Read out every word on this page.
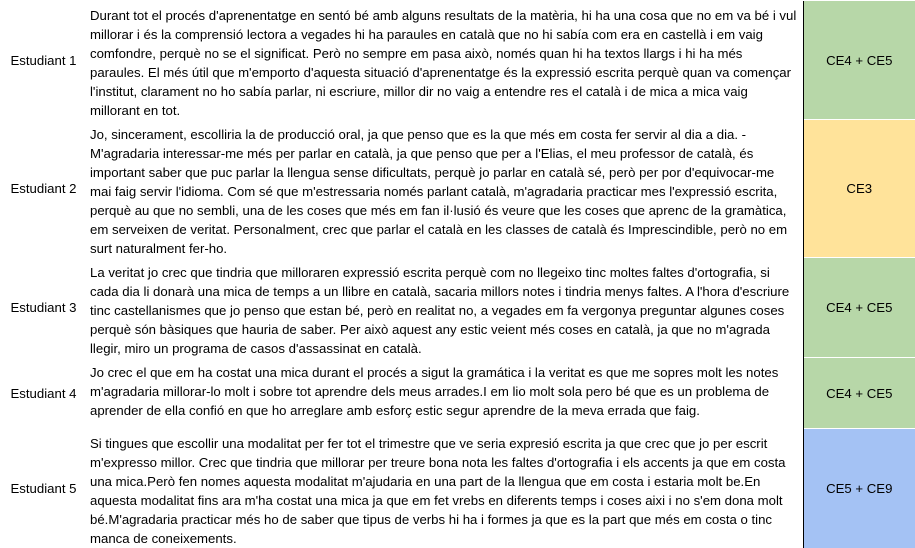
Estudiant 1	Durant tot el procés d'aprenentatge en sentó bé amb alguns resultats de la matèria, hi ha una cosa que no em va bé i vul millorar i és la comprensió lectora a vegades hi ha paraules en català que no hi sabía com era en castellà i em vaig comfondre, perquè no se el significat. Però no sempre em pasa això, només quan hi ha textos llargs i hi ha més paraules. El més útil que m'emporto d'aquesta situació d'aprenentatge és la expressió escrita perquè quan va començar l'institut, clarament no ho sabía parlar, ni escriure, millor dir no vaig a entendre res el català i de mica a mica vaig millorant en tot.	CE4 + CE5
Estudiant 2	Jo, sincerament, escolliria la de producció oral, ja que penso que es la que més em costa fer servir al dia a dia. -M'agradaria interessar-me més per parlar en català, ja que penso que per a l'Elias, el meu professor de català, és important saber que puc parlar la llengua sense dificultats, perquè jo parlar en català sé, però per por d'equivocar-me mai faig servir l'idioma. Com sé que m'estressaria només parlant català, m'agradaria practicar mes l'expressió escrita, perquè au que no sembli, una de les coses que més em fan il·lusió és veure que les coses que aprenc de la gramàtica, em serveixen de veritat. Personalment, crec que parlar el català en les classes de català és Imprescindible, però no em surt naturalment fer-ho.	CE3
Estudiant 3	La veritat jo crec que tindria que milloraren expressió escrita perquè com no llegeixo tinc moltes faltes d'ortografia, si cada dia li donarà una mica de temps a un llibre en català, sacaria millors notes i tindria menys faltes. A l'hora d'escriure tinc castellanismes que jo penso que estan bé, però en realitat no, a vegades em fa vergonya preguntar algunes coses perquè són bàsiques que hauria de saber. Per això aquest any estic veient més coses en català, ja que no m'agrada llegir, miro un programa de casos d'assassinat en català.	CE4 + CE5
Estudiant 4	Jo crec el que em ha costat una mica durant el procés a sigut la gramática i la veritat es que me sopres molt les notes m'agradaria millorar-lo molt i sobre tot aprendre dels meus arrades.I em lio molt sola pero bé que es un problema de aprender de ella confió en que ho arreglare amb esforç estic segur aprendre de la meva errada que faig.	CE4 + CE5
Estudiant 5	Si tingues que escollir una modalitat per fer tot el trimestre que ve seria expresió escrita ja que crec que jo per escrit m'expresso millor. Crec que tindria que millorar per treure bona nota les faltes d'ortografia i els accents ja que em costa una mica.Però fen nomes aquesta modalitat m'ajudaria en una part de la llengua que em costa i estaria molt be.En aquesta modalitat fins ara m'ha costat una mica ja que em fet vrebs en diferents temps i coses aixi i no s'em dona molt bé.M'agradaria practicar més ho de saber que tipus de verbs hi ha i formes ja que es la part que més em costa o tinc manca de coneixements.	CE5 + CE9
